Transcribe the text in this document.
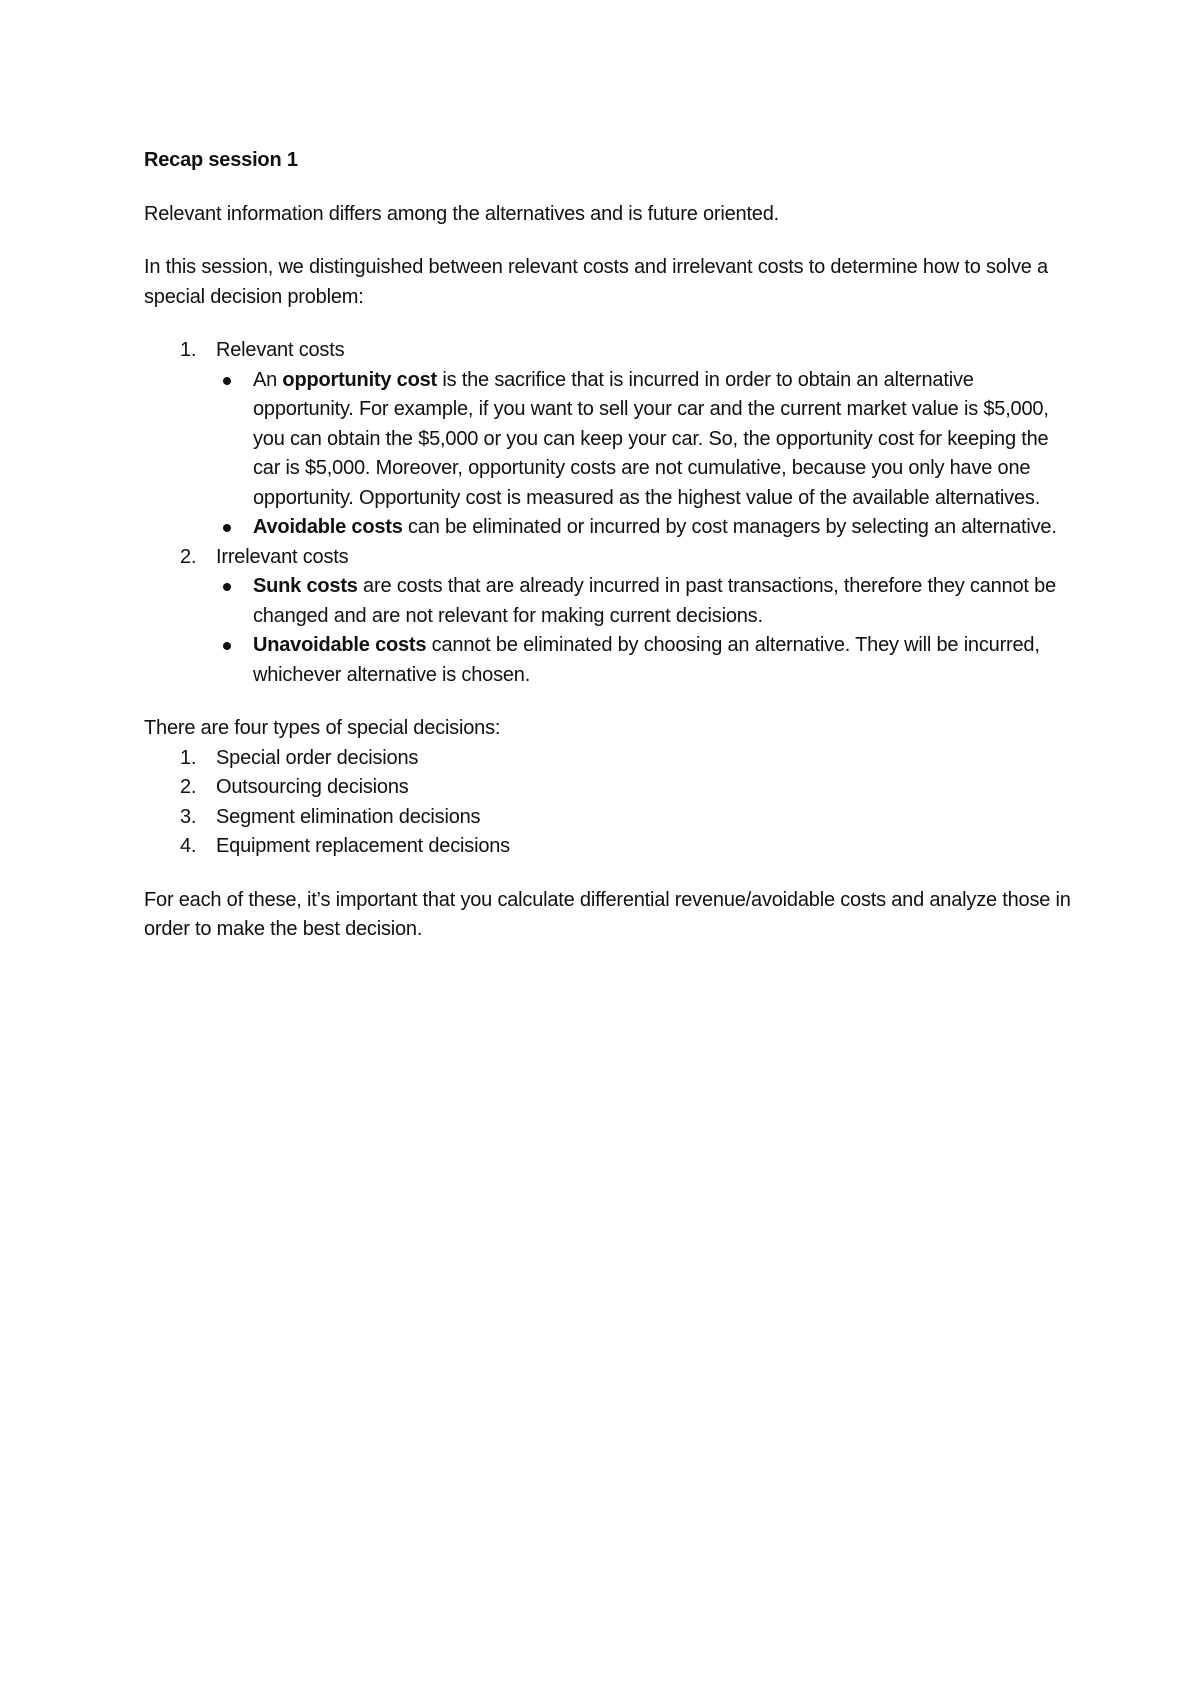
Recap session 1

Relevant information differs among the alternatives and is future oriented.

In this session, we distinguished between relevant costs and irrelevant costs to determine how to solve a special decision problem:

1. Relevant costs
An opportunity cost is the sacrifice that is incurred in order to obtain an alternative opportunity. For example, if you want to sell your car and the current market value is $5,000, you can obtain the $5,000 or you can keep your car. So, the opportunity cost for keeping the car is $5,000. Moreover, opportunity costs are not cumulative, because you only have one opportunity. Opportunity cost is measured as the highest value of the available alternatives.
Avoidable costs can be eliminated or incurred by cost managers by selecting an alternative.
2. Irrelevant costs
Sunk costs are costs that are already incurred in past transactions, therefore they cannot be changed and are not relevant for making current decisions.
Unavoidable costs cannot be eliminated by choosing an alternative. They will be incurred, whichever alternative is chosen.
There are four types of special decisions:
1. Special order decisions
2. Outsourcing decisions
3. Segment elimination decisions
4. Equipment replacement decisions

For each of these, it’s important that you calculate differential revenue/avoidable costs and analyze those in order to make the best decision.
